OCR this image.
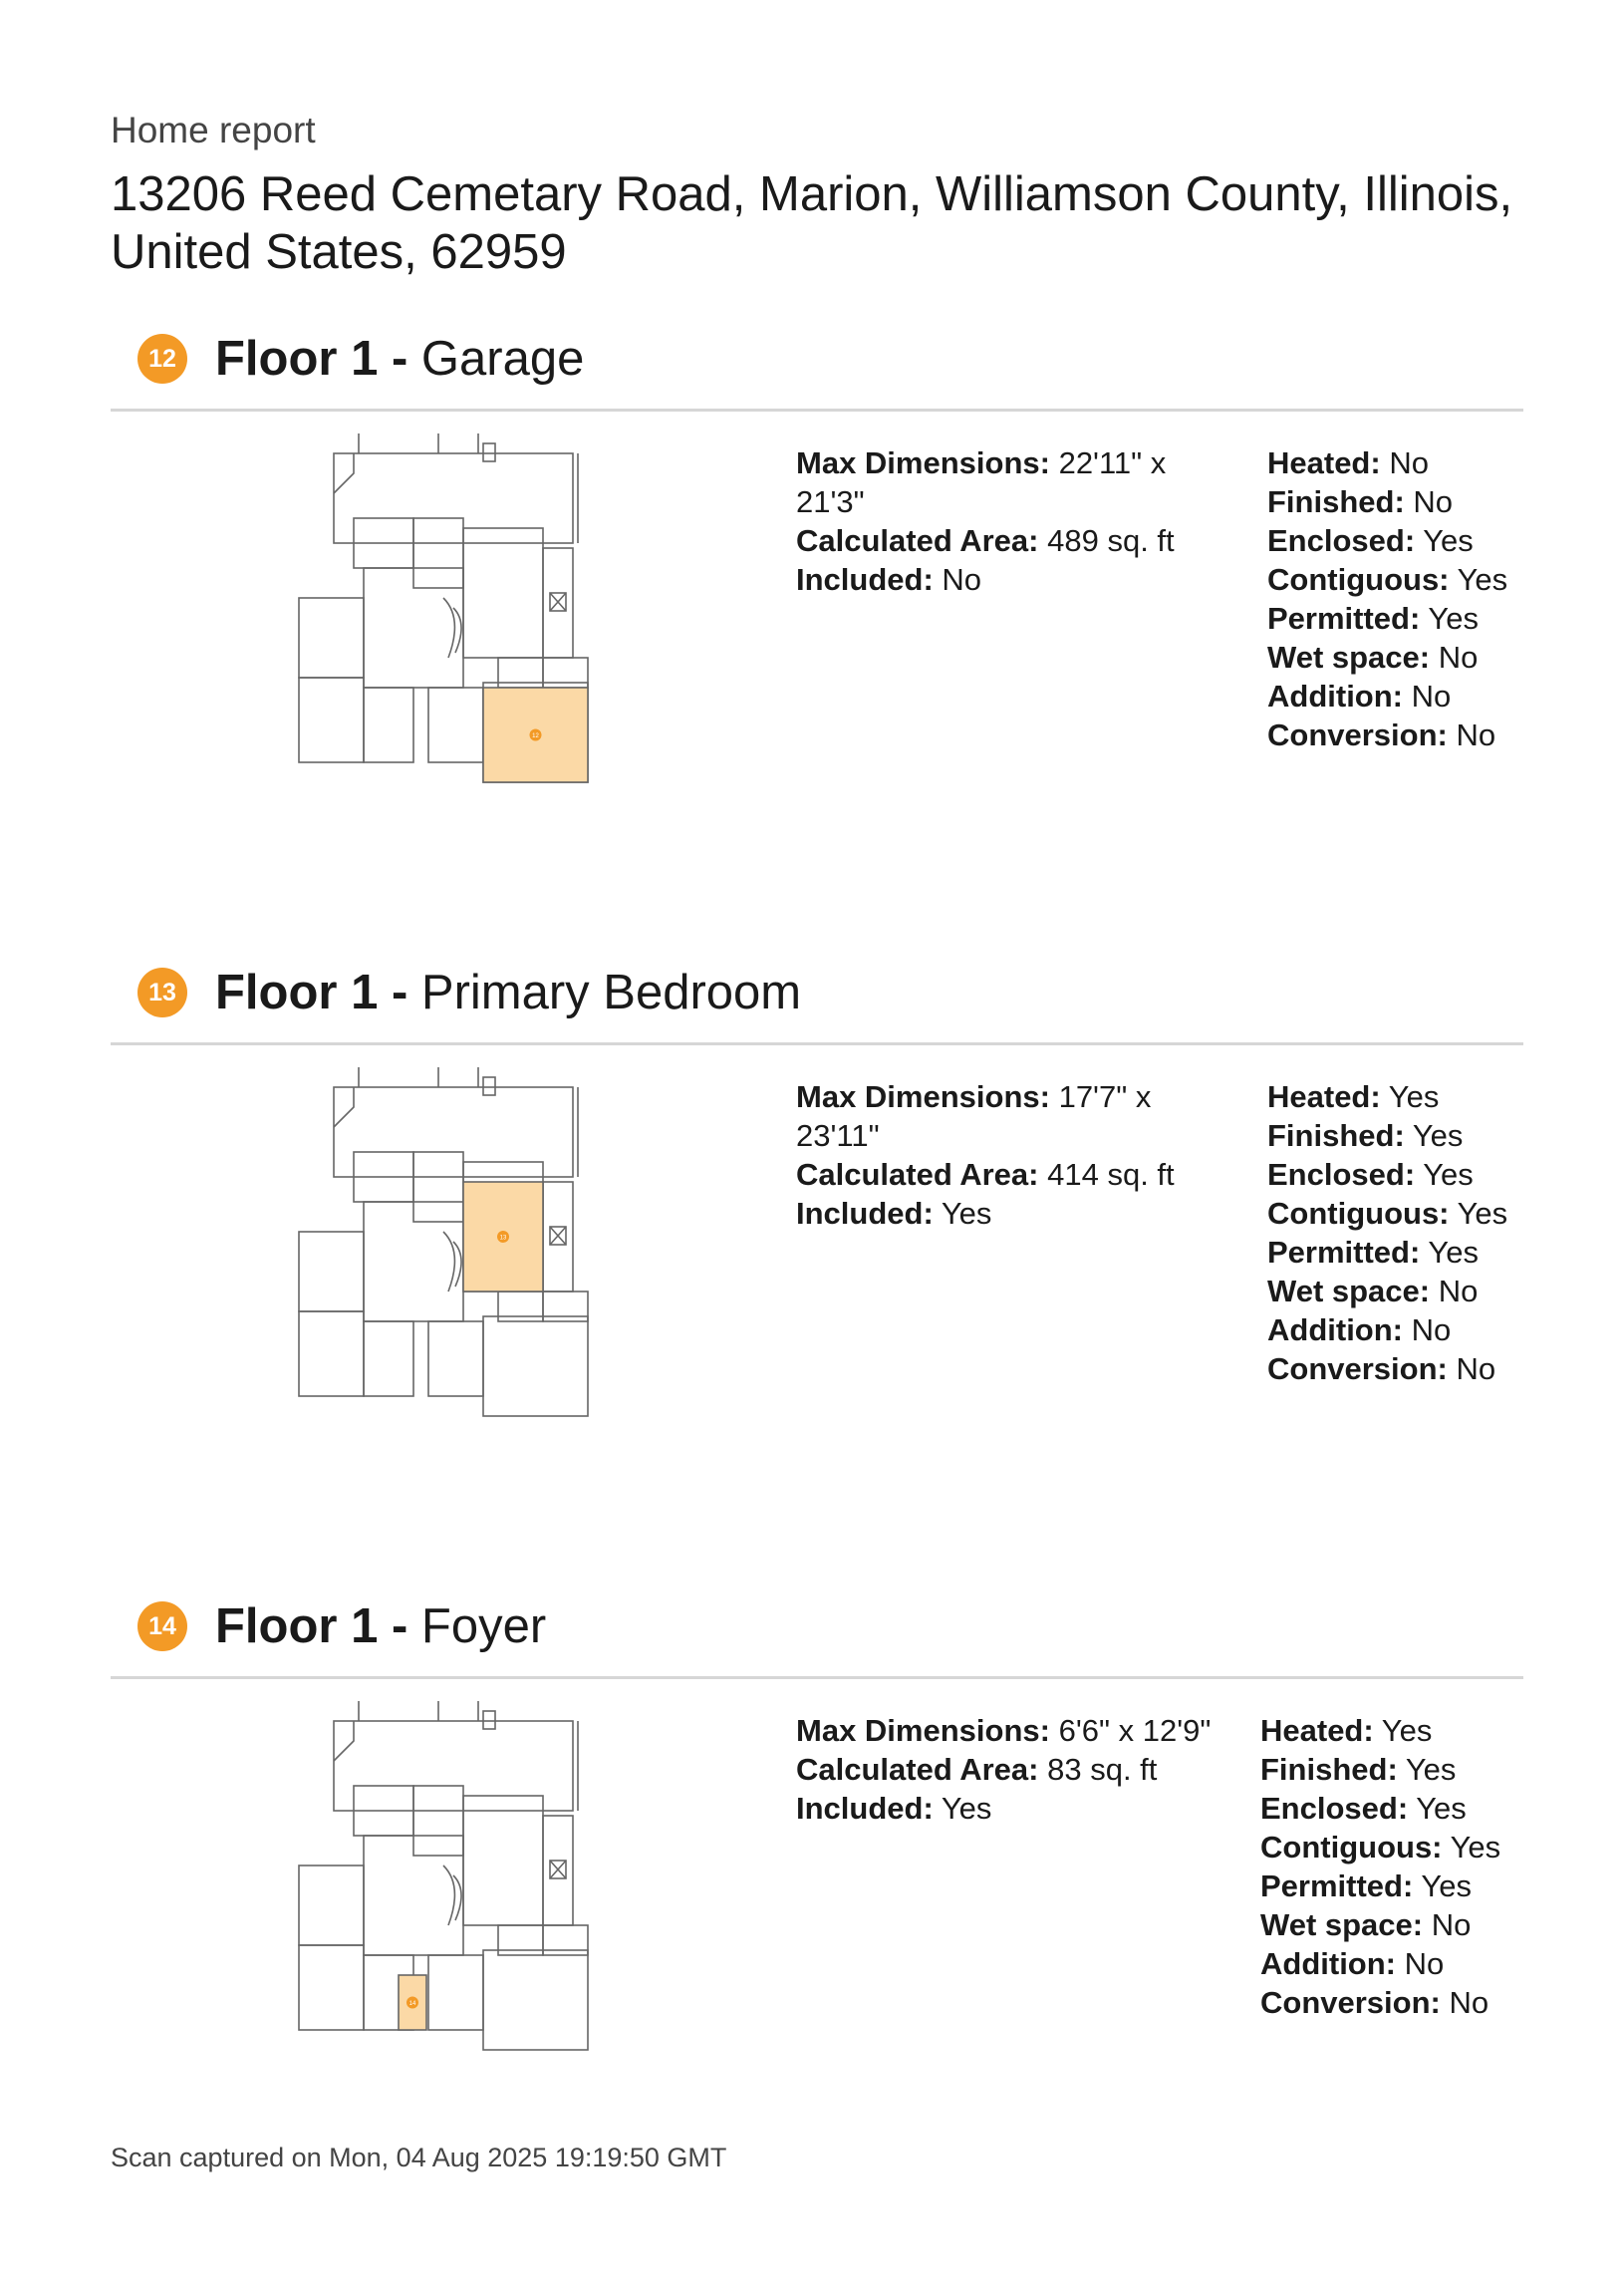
Home report
13206 Reed Cemetary Road, Marion, Williamson County, Illinois, United States, 62959
12 Floor 1 - Garage
12
Max Dimensions: 22'11" x 21'3"
Calculated Area: 489 sq. ft
Included: No
Heated: No
Finished: No
Enclosed: Yes
Contiguous: Yes
Permitted: Yes
Wet space: No
Addition: No
Conversion: No
13 Floor 1 - Primary Bedroom
13
Max Dimensions: 17'7" x 23'11"
Calculated Area: 414 sq. ft
Included: Yes
Heated: Yes
Finished: Yes
Enclosed: Yes
Contiguous: Yes
Permitted: Yes
Wet space: No
Addition: No
Conversion: No
14 Floor 1 - Foyer
14
Max Dimensions: 6'6" x 12'9"
Calculated Area: 83 sq. ft
Included: Yes
Heated: Yes
Finished: Yes
Enclosed: Yes
Contiguous: Yes
Permitted: Yes
Wet space: No
Addition: No
Conversion: No
Scan captured on Mon, 04 Aug 2025 19:19:50 GMT
